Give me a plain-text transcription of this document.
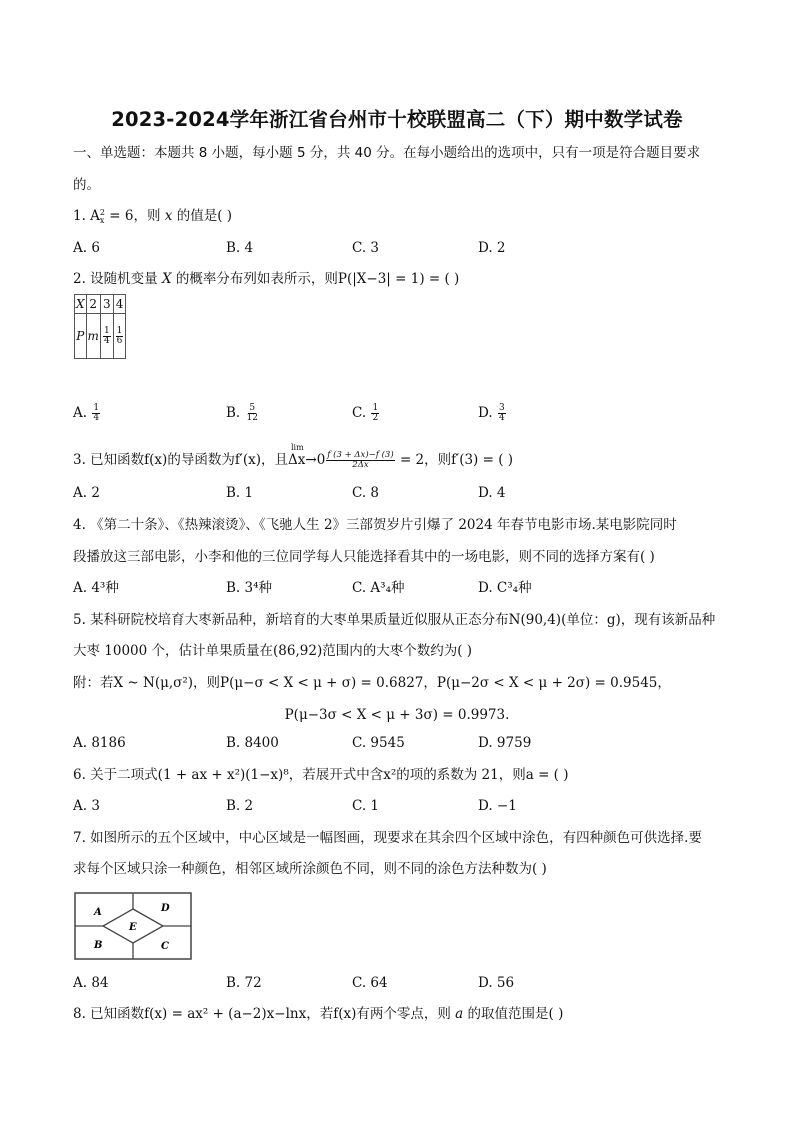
2023-2024学年浙江省台州市十校联盟高二（下）期中数学试卷
一、单选题：本题共 8 小题，每小题 5 分，共 40 分。在每小题给出的选项中，只有一项是符合题目要求
的。
1. A 2
x = 6，则 x 的值是( )
A. 6	B. 4	C. 3	D. 2
2. 设随机变量 X 的概率分布列如表所示，则P(|X−3| = 1) = ( )
X	2	3	4
P	m	$\frac{1}{4}$	$\frac{1}{6}$
A. $\frac{1}{4}$	B. $\frac{5}{12}$	C. $\frac{1}{2}$	D. $\frac{3}{4}$
3. 已知函数f(x)的导函数为f′(x)，且Δx→0
lim
$\frac{f (3 + \Delta x)-f (3)}{2\Delta x} = 2$，则f′(3) = ( )
A. 2	B. 1	C. 8	D. 4
4. 《第二十条》、《热辣滚烫》、《飞驰人生 2》三部贺岁片引爆了 2024 年春节电影市场.某电影院同时
段播放这三部电影，小李和他的三位同学每人只能选择看其中的一场电影，则不同的选择方案有( )
A. 4³种	B. 3⁴种	C. A³₄种	D. C³₄种
5. 某科研院校培育大枣新品种，新培育的大枣单果质量近似服从正态分布N(90,4)(单位：g)，现有该新品种
大枣 10000 个，估计单果质量在(86,92)范围内的大枣个数约为( )
附：若X ~ N(μ,σ²)，则P(μ−σ < X < μ + σ) = 0.6827，P(μ−2σ < X < μ + 2σ) = 0.9545，
P(μ−3σ < X < μ + 3σ) = 0.9973.
A. 8186	B. 8400	C. 9545	D. 9759
6. 关于二项式(1 + ax + x²)(1−x)⁸，若展开式中含x²的项的系数为 21，则a = ( )
A. 3	B. 2	C. 1	D. −1
7. 如图所示的五个区域中，中心区域是一幅图画，现要求在其余四个区域中涂色，有四种颜色可供选择.要
求每个区域只涂一种颜色，相邻区域所涂颜色不同，则不同的涂色方法种数为( )
A	D
E
B	C
A. 84	B. 72	C. 64	D. 56
8. 已知函数f(x) = ax² + (a−2)x−lnx，若f(x)有两个零点，则 a 的取值范围是( )
